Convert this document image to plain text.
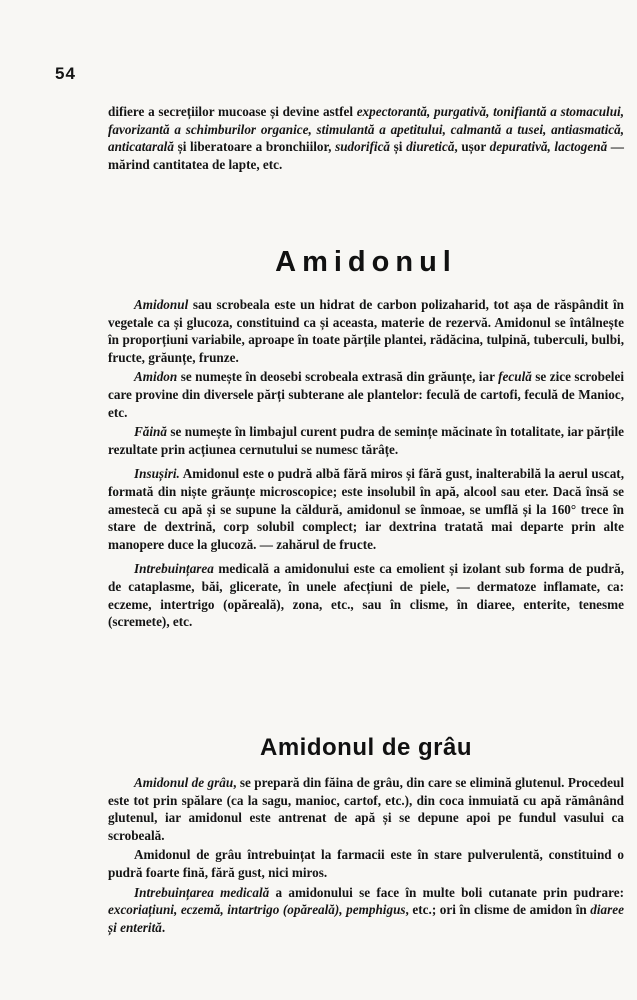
54

difiere a secrețiilor mucoase și devine astfel expectorantă, purgativă, tonifiantă a stomacului, favorizantă a schimburilor organice, stimulantă a apetitului, calmantă a tusei, antiasmatică, anticatarală și liberatoare a bronchiilor, sudorifică și diuretică, ușor depurativă, lactogenă — mărind cantitatea de lapte, etc.

Amidonul

Amidonul sau scrobeala este un hidrat de carbon polizaharid, tot așa de răspândit în vegetale ca și glucoza, constituind ca și aceasta, materie de rezervă. Amidonul se întâlnește în proporțiuni variabile, aproape în toate părțile plantei, rădăcina, tulpină, tuberculi, bulbi, fructe, grăunțe, frunze.

Amidon se numește în deosebi scrobeala extrasă din grăunțe, iar feculă se zice scrobelei care provine din diversele părți subterane ale plantelor: feculă de cartofi, feculă de Manioc, etc.

Făină se numește în limbajul curent pudra de semințe măcinate în totalitate, iar părțile rezultate prin acțiunea cernutului se numesc tărâțe.

Insușiri. Amidonul este o pudră albă fără miros și fără gust, inalterabilă la aerul uscat, formată din niște grăunțe microscopice; este insolubil în apă, alcool sau eter. Dacă însă se amestecă cu apă și se supune la căldură, amidonul se înmoae, se umflă și la 160° trece în stare de dextrină, corp solubil complect; iar dextrina tratată mai departe prin alte manopere duce la glucoză. — zahărul de fructe.

Intrebuințarea medicală a amidonului este ca emolient și izolant sub forma de pudră, de cataplasme, băi, glicerate, în unele afecțiuni de piele, — dermatoze inflamate, ca: eczeme, intertrigo (opăreală), zona, etc., sau în clisme, în diaree, enterite, tenesme (scremete), etc.

Amidonul de grâu

Amidonul de grâu, se prepară din făina de grâu, din care se elimină glutenul. Procedeul este tot prin spălare (ca la sagu, manioc, cartof, etc.), din coca inmuiată cu apă rămânând glutenul, iar amidonul este antrenat de apă și se depune apoi pe fundul vasului ca scrobeală.

Amidonul de grâu întrebuințat la farmacii este în stare pulverulentă, constituind o pudră foarte fină, fără gust, nici miros.

Intrebuințarea medicală a amidonului se face în multe boli cutanate prin pudrare: excoriațiuni, eczemă, intartrigo (opăreală), pemphigus, etc.; ori în clisme de amidon în diaree și enterită.
